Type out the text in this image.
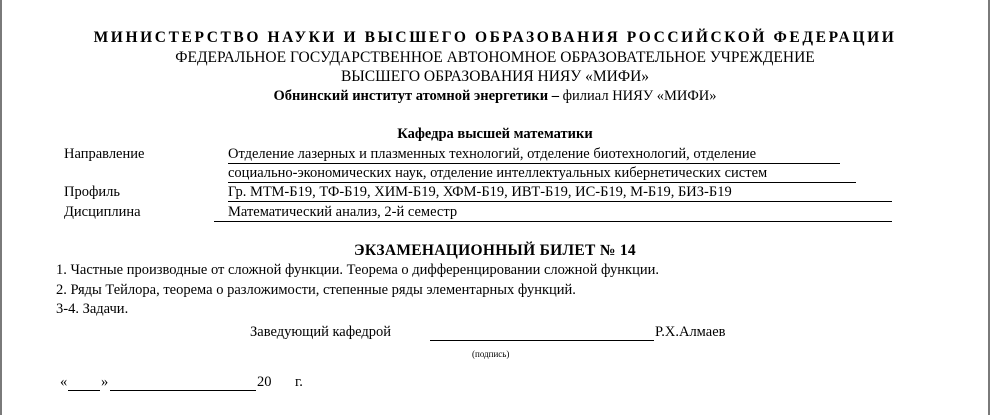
МИНИСТЕРСТВО НАУКИ И ВЫСШЕГО ОБРАЗОВАНИЯ РОССИЙСКОЙ ФЕДЕРАЦИИ
ФЕДЕРАЛЬНОЕ ГОСУДАРСТВЕННОЕ АВТОНОМНОЕ ОБРАЗОВАТЕЛЬНОЕ УЧРЕЖДЕНИЕ
ВЫСШЕГО ОБРАЗОВАНИЯ НИЯУ «МИФИ»
Обнинский институт атомной энергетики – филиал НИЯУ «МИФИ»
Кафедра высшей математики
Направление	Отделение лазерных и плазменных технологий, отделение биотехнологий, отделение
социально-экономических наук, отделение интеллектуальных кибернетических систем
Профиль	Гр. МТМ-Б19, ТФ-Б19, ХИМ-Б19, ХФМ-Б19, ИВТ-Б19, ИС-Б19, М-Б19, БИЗ-Б19
Дисциплина	Математический анализ, 2-й семестр
ЭКЗАМЕНАЦИОННЫЙ БИЛЕТ № 14
1. Частные производные от сложной функции. Теорема о дифференцировании сложной функции.
2. Ряды Тейлора, теорема о разложимости, степенные ряды элементарных функций.
3-4. Задачи.
Заведующий кафедрой	Р.Х.Алмаев
(подпись)
« »	20 г.
